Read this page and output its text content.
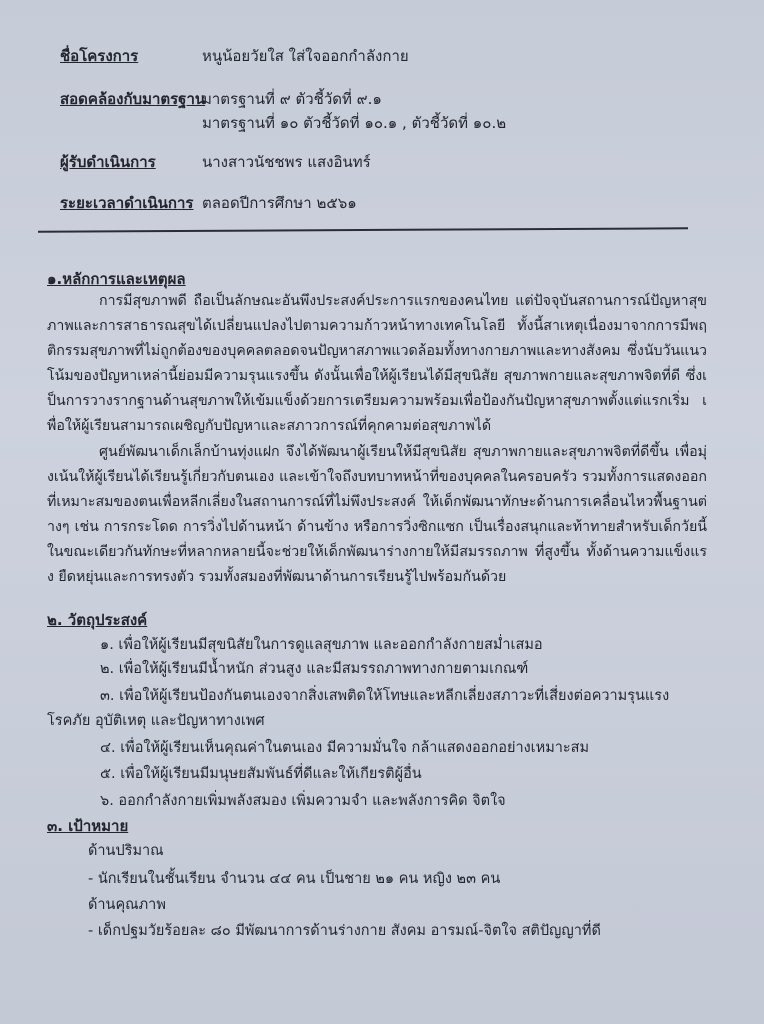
ชื่อโครงการ	หนูน้อยวัยใส ใส่ใจออกกำลังกาย
สอดคล้องกับมาตรฐาน
มาตรฐานที่ ๙ ตัวชี้วัดที่ ๙.๑
มาตรฐานที่ ๑๐ ตัวชี้วัดที่ ๑๐.๑ , ตัวชี้วัดที่ ๑๐.๒
ผู้รับดำเนินการ	นางสาวนัชชพร แสงอินทร์
ระยะเวลาดำเนินการ ตลอดปีการศึกษา ๒๕๖๑
๑.หลักการและเหตุผล

การมีสุขภาพดี ถือเป็นลักษณะอันพึงประสงค์ประการแรกของคนไทย แต่ปัจจุบันสถานการณ์ปัญหาสุขภาพและการสาธารณสุขได้เปลี่ยนแปลงไปตามความก้าวหน้าทางเทคโนโลยี ทั้งนี้สาเหตุเนื่องมาจากการมีพฤติกรรมสุขภาพที่ไม่ถูกต้องของบุคคลตลอดจนปัญหาสภาพแวดล้อมทั้งทางกายภาพและทางสังคม ซึ่งนับวันแนวโน้มของปัญหาเหล่านี้ย่อมมีความรุนแรงขึ้น ดังนั้นเพื่อให้ผู้เรียนได้มีสุขนิสัย สุขภาพกายและสุขภาพจิตที่ดี ซึ่งเป็นการวางรากฐานด้านสุขภาพให้เข้มแข็งด้วยการเตรียมความพร้อมเพื่อป้องกันปัญหาสุขภาพตั้งแต่แรกเริ่ม เพื่อให้ผู้เรียนสามารถเผชิญกับปัญหาและสภาวการณ์ที่คุกคามต่อสุขภาพได้

ศูนย์พัฒนาเด็กเล็กบ้านทุ่งแฝก จึงได้พัฒนาผู้เรียนให้มีสุขนิสัย สุขภาพกายและสุขภาพจิตที่ดีขึ้น เพื่อมุ่งเน้นให้ผู้เรียนได้เรียนรู้เกี่ยวกับตนเอง และเข้าใจถึงบทบาทหน้าที่ของบุคคลในครอบครัว รวมทั้งการแสดงออกที่เหมาะสมของตนเพื่อหลีกเลี่ยงในสถานการณ์ที่ไม่พึงประสงค์ ให้เด็กพัฒนาทักษะด้านการเคลื่อนไหวพื้นฐานต่างๆ เช่น การกระโดด การวิ่งไปด้านหน้า ด้านข้าง หรือการวิ่งซิกแซก เป็นเรื่องสนุกและท้าทายสำหรับเด็กวัยนี้ ในขณะเดียวกันทักษะที่หลากหลายนี้จะช่วยให้เด็กพัฒนาร่างกายให้มีสมรรถภาพ ที่สูงขึ้น ทั้งด้านความแข็งแรง ยืดหยุ่นและการทรงตัว รวมทั้งสมองที่พัฒนาด้านการเรียนรู้ไปพร้อมกันด้วย

๒. วัตถุประสงค์
๑. เพื่อให้ผู้เรียนมีสุขนิสัยในการดูแลสุขภาพ และออกกำลังกายสม่ำเสมอ
๒. เพื่อให้ผู้เรียนมีน้ำหนัก ส่วนสูง และมีสมรรถภาพทางกายตามเกณฑ์
๓. เพื่อให้ผู้เรียนป้องกันตนเองจากสิ่งเสพติดให้โทษและหลีกเลี่ยงสภาวะที่เสี่ยงต่อความรุนแรง
โรคภัย อุบัติเหตุ และปัญหาทางเพศ
๔. เพื่อให้ผู้เรียนเห็นคุณค่าในตนเอง มีความมั่นใจ กล้าแสดงออกอย่างเหมาะสม
๕. เพื่อให้ผู้เรียนมีมนุษยสัมพันธ์ที่ดีและให้เกียรติผู้อื่น
๖. ออกกำลังกายเพิ่มพลังสมอง เพิ่มความจำ และพลังการคิด จิตใจ
๓. เป้าหมาย
ด้านปริมาณ
- นักเรียนในชั้นเรียน จำนวน ๔๔ คน เป็นชาย ๒๑ คน หญิง ๒๓ คน
ด้านคุณภาพ
- เด็กปฐมวัยร้อยละ ๘๐ มีพัฒนาการด้านร่างกาย สังคม อารมณ์-จิตใจ สติปัญญาที่ดี
